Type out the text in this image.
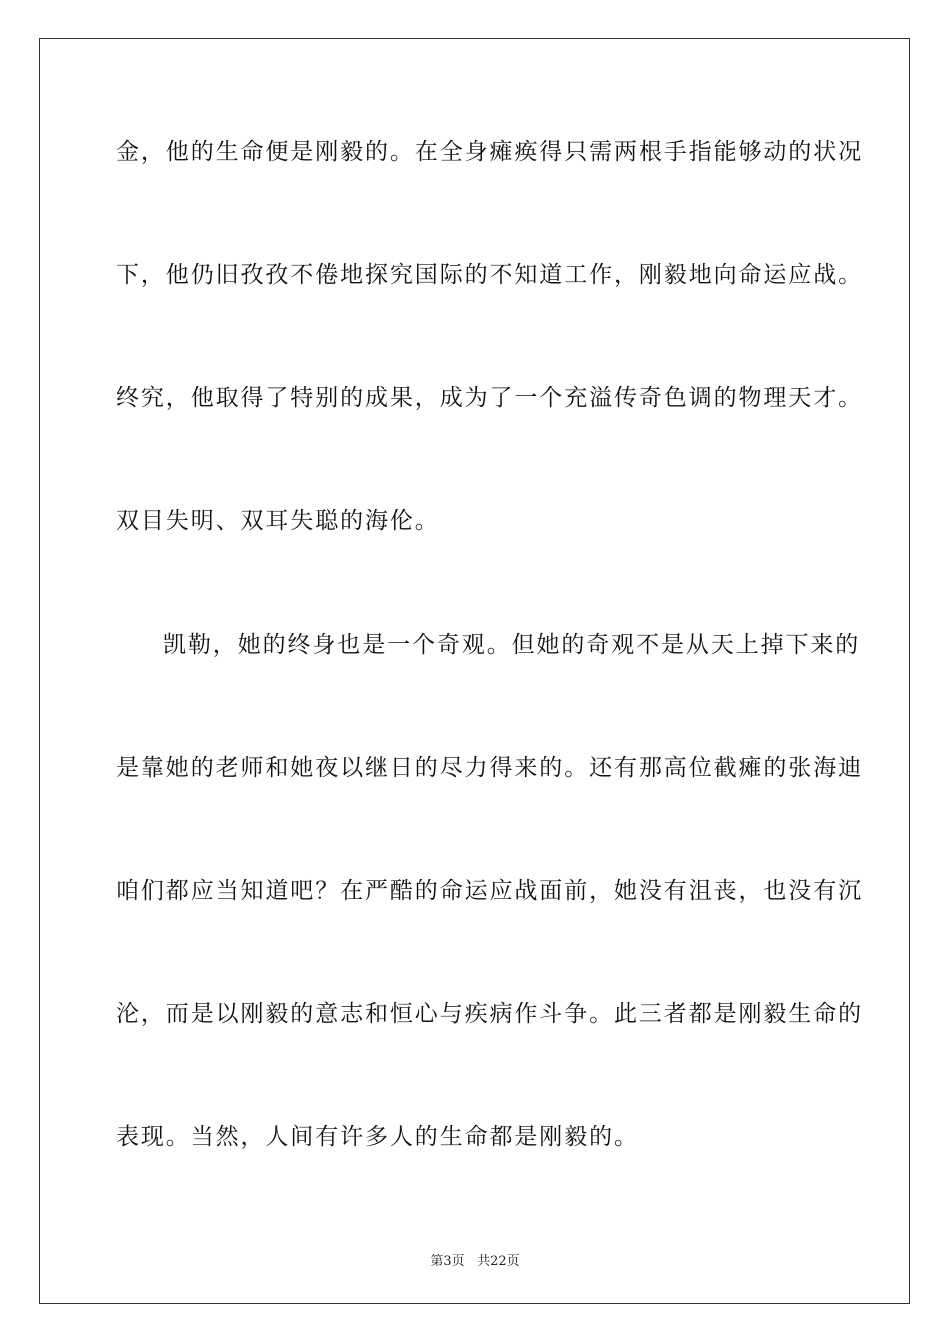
金，他的生命便是刚毅的。在全身瘫痪得只需两根手指能够动的状况
下，他仍旧孜孜不倦地探究国际的不知道工作，刚毅地向命运应战。
终究，他取得了特别的成果，成为了一个充溢传奇色调的物理天才。
双目失明、双耳失聪的海伦。
凯勒，她的终身也是一个奇观。但她的奇观不是从天上掉下来的
是靠她的老师和她夜以继日的尽力得来的。还有那高位截瘫的张海迪
咱们都应当知道吧？在严酷的命运应战面前，她没有沮丧，也没有沉
沦，而是以刚毅的意志和恒心与疾病作斗争。此三者都是刚毅生命的
表现。当然，人间有许多人的生命都是刚毅的。
第3页 共22页
